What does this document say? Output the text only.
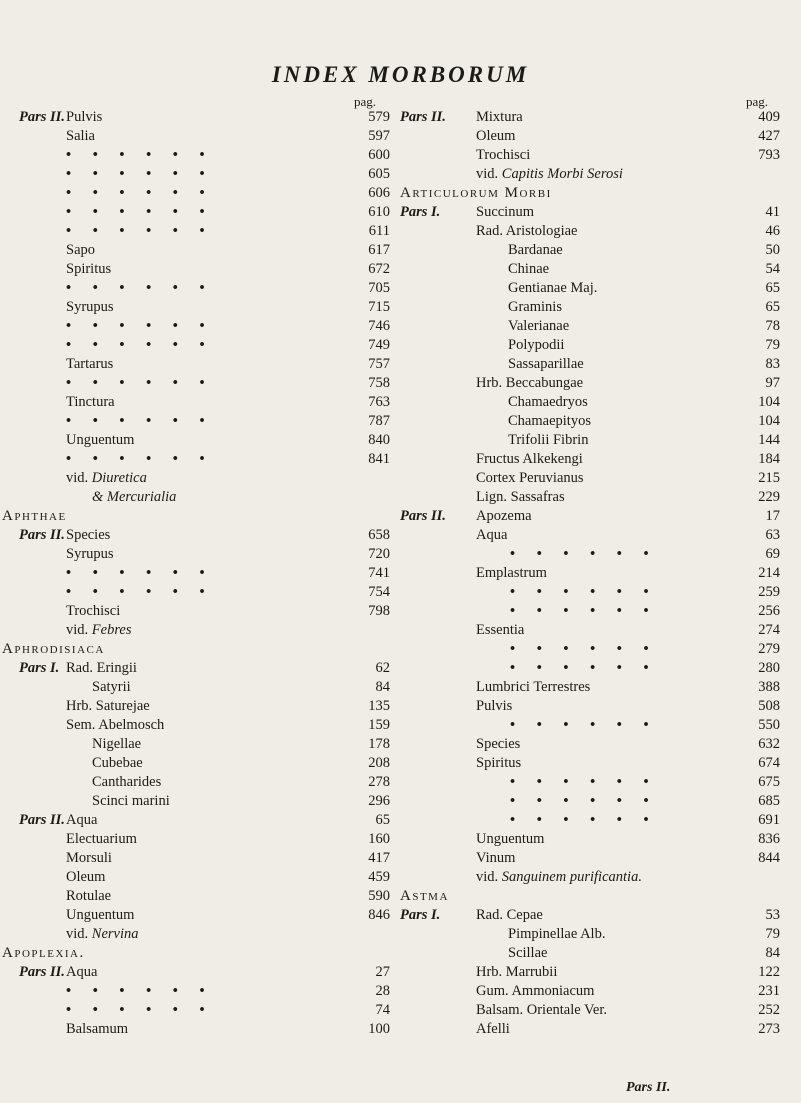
INDEX MORBORUM
pag.
Pars II. Pulvis	579
Salia	597
• • • • • •	600
• • • • • •	605
• • • • • •	606
• • • • • •	610
• • • • • •	611
Sapo	617
Spiritus	672
• • • • • •	705
Syrupus	715
• • • • • •	746
• • • • • •	749
Tartarus	757
• • • • • •	758
Tinctura	763
• • • • • •	787
Unguentum	840
• • • • • •	841
vid. Diuretica
& Mercurialia
Aphthae
Pars II. Species	658
Syrupus	720
• • • • • •	741
• • • • • •	754
Trochisci	798
vid. Febres
Aphrodisiaca
Pars I. Rad. Eringii	62
Satyrii	84
Hrb. Saturejae	135
Sem. Abelmosch	159
Nigellae	178
Cubebae	208
Cantharides	278
Scinci marini	296
Pars II. Aqua	65
Electuarium	160
Morsuli	417
Oleum	459
Rotulae	590
Unguentum	846
vid. Nervina
Apoplexia.
Pars II. Aqua	27
• • • • • •	28
• • • • • •	74
Balsamum	100
pag.
Pars II. Mixtura	409
Oleum	427
Trochisci	793
vid. Capitis Morbi Serosi
Articulorum Morbi
Pars I. Succinum	41
Rad. Aristologiae	46
Bardanae	50
Chinae	54
Gentianae Maj.	65
Graminis	65
Valerianae	78
Polypodii	79
Sassaparillae	83
Hrb. Beccabungae	97
Chamaedryos	104
Chamaepityos	104
Trifolii Fibrin	144
Fructus Alkekengi	184
Cortex Peruvianus	215
Lign. Sassafras	229
Pars II. Apozema	17
Aqua	63
• • • • • •	69
Emplastrum	214
• • • • • •	259
• • • • • •	256
Essentia	274
• • • • • •	279
• • • • • •	280
Lumbrici Terrestres	388
Pulvis	508
• • • • • •	550
Species	632
Spiritus	674
• • • • • •	675
• • • • • •	685
• • • • • •	691
Unguentum	836
Vinum	844
vid. Sanguinem purificantia.
Astma
Pars I. Rad. Cepae	53
Pimpinellae Alb.	79
Scillae	84
Hrb. Marrubii	122
Gum. Ammoniacum	231
Balsam. Orientale Ver.	252
Afelli	273
Pars II.
